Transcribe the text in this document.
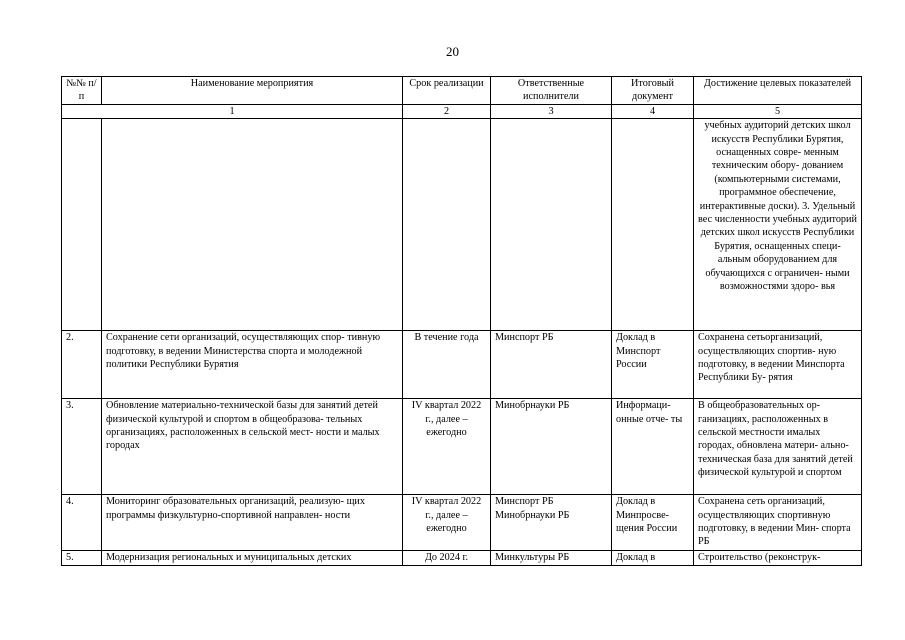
20
№№ п/п	Наименование мероприятия	Срок реализации	Ответственные исполнители	Итоговый документ	Достижение целевых показателей
1		2	3	4	5
					учебных аудиторий детских школ искусств Республики Бурятия, оснащенных совре- менным техническим обору- дованием (компьютерными системами, программное обеспечение, интерактивные доски). 3. Удельный вес численности учебных аудиторий детских школ искусств Республики Бурятия, оснащенных специ- альным оборудованием для обучающихся с ограничен- ными возможностями здоро- вья
2.	Сохранение сети организаций, осуществляющих спор- тивную подготовку, в ведении Министерства спорта и молодежной политики Республики Бурятия	В течение года	Минспорт РБ	Доклад в Минспорт России	Сохранена сетьорганизаций, осуществляющих спортив- ную подготовку, в ведении Минспорта Республики Бу- рятия
3.	Обновление материально-технической базы для занятий детей физической культурой и спортом в общеобразова- тельных организациях, расположенных в сельской мест- ности и малых городах	IV квартал 2022 г., далее – ежегодно	Минобрнауки РБ	Информаци- онные отче- ты	В общеобразовательных ор- ганизациях, расположенных в сельской местности ималых городах, обновлена матери- ально-техническая база для занятий детей физической культурой и спортом
4.	Мониторинг образовательных организаций, реализую- щих программы физкультурно-спортивной направлен- ности	IV квартал 2022 г., далее – ежегодно	Минспорт РБ Минобрнауки РБ	Доклад в Минпросве- щения России	Сохранена сеть организаций, осуществляющих спортивную подготовку, в ведении Мин- спорта РБ
5.	Модернизация региональных и муниципальных детских	До 2024 г.	Минкультуры РБ	Доклад в	Строительство (реконструк-
